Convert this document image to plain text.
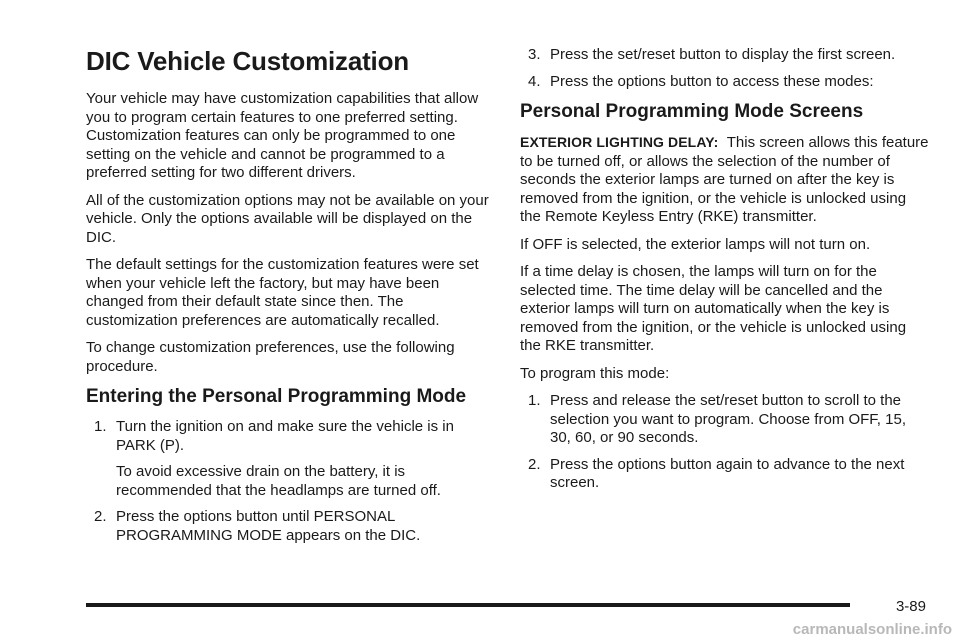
DIC Vehicle Customization

Your vehicle may have customization capabilities that allow you to program certain features to one preferred setting. Customization features can only be programmed to one setting on the vehicle and cannot be programmed to a preferred setting for two different drivers.

All of the customization options may not be available on your vehicle. Only the options available will be displayed on the DIC.

The default settings for the customization features were set when your vehicle left the factory, but may have been changed from their default state since then. The customization preferences are automatically recalled.

To change customization preferences, use the following procedure.

Entering the Personal Programming Mode
1. Turn the ignition on and make sure the vehicle is in PARK (P).

To avoid excessive drain on the battery, it is recommended that the headlamps are turned off.

2. Press the options button until PERSONAL PROGRAMMING MODE appears on the DIC.

3. Press the set/reset button to display the first screen.

4. Press the options button to access these modes:

Personal Programming Mode Screens

EXTERIOR LIGHTING DELAY: This screen allows this feature to be turned off, or allows the selection of the number of seconds the exterior lamps are turned on after the key is removed from the ignition, or the vehicle is unlocked using the Remote Keyless Entry (RKE) transmitter.

If OFF is selected, the exterior lamps will not turn on.

If a time delay is chosen, the lamps will turn on for the selected time. The time delay will be cancelled and the exterior lamps will turn on automatically when the key is removed from the ignition, or the vehicle is unlocked using the RKE transmitter.

To program this mode:

1. Press and release the set/reset button to scroll to the selection you want to program. Choose from OFF, 15, 30, 60, or 90 seconds.

2. Press the options button again to advance to the next screen.

3-89
carmanualsonline.info
